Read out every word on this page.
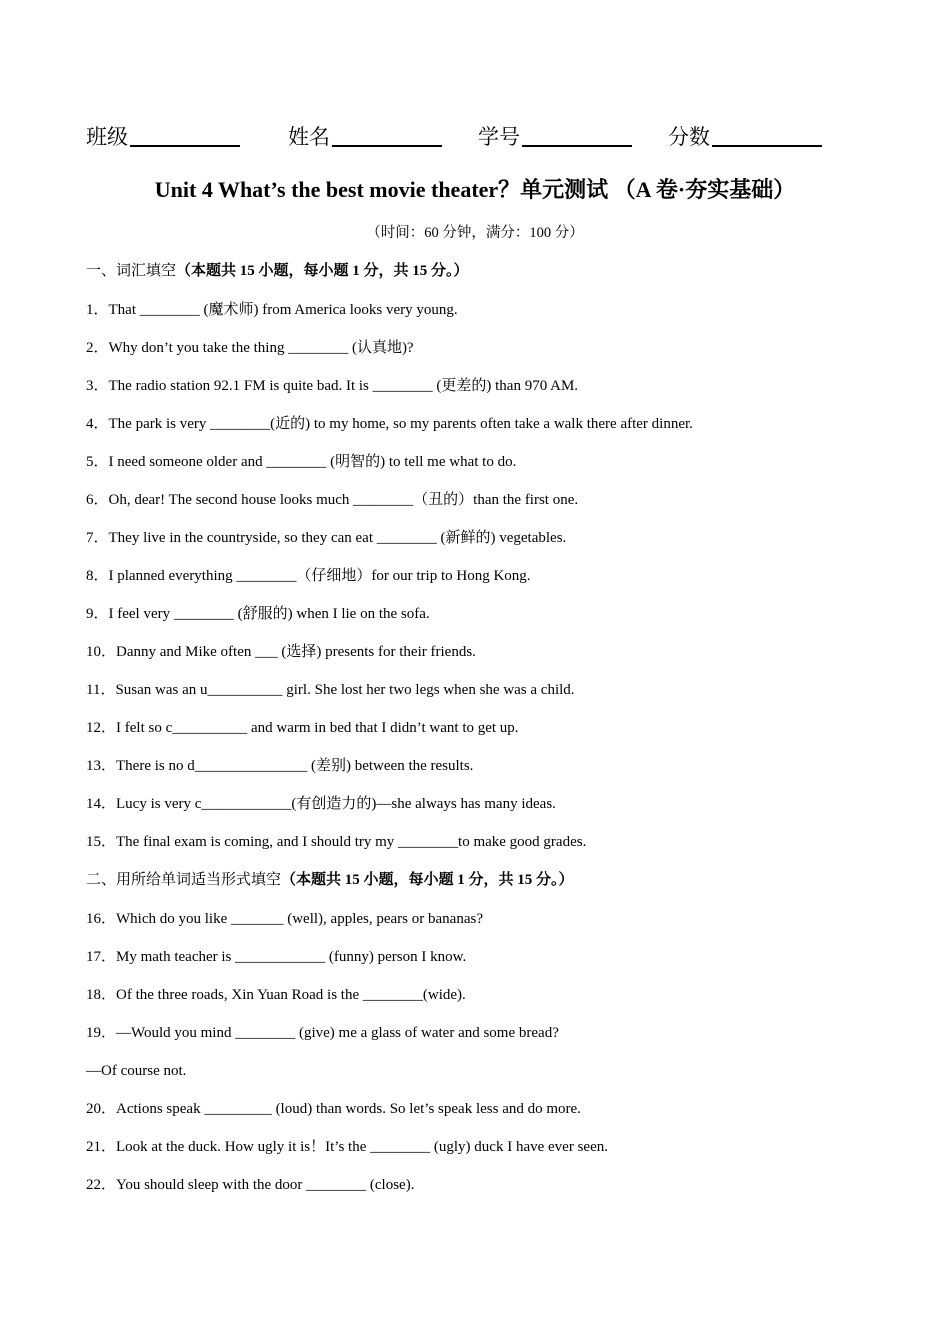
班级	姓名	学号	分数
Unit 4 What’s the best movie theater？单元测试 （A 卷·夯实基础）
（时间：60 分钟，满分：100 分）
一、词汇填空（本题共 15 小题，每小题 1 分，共 15 分。）
1．That ________ (魔术师) from America looks very young.
2．Why don’t you take the thing ________ (认真地)?
3．The radio station 92.1 FM is quite bad. It is ________ (更差的) than 970 AM.
4．The park is very ________(近的) to my home, so my parents often take a walk there after dinner.
5．I need someone older and ________ (明智的) to tell me what to do.
6．Oh, dear! The second house looks much ________（丑的）than the first one.
7．They live in the countryside, so they can eat ________ (新鲜的) vegetables.
8．I planned everything ________（仔细地）for our trip to Hong Kong.
9．I feel very ________ (舒服的) when I lie on the sofa.
10．Danny and Mike often ___ (选择) presents for their friends.
11．Susan was an u__________ girl. She lost her two legs when she was a child.
12．I felt so c__________ and warm in bed that I didn’t want to get up.
13．There is no d_______________ (差别) between the results.
14．Lucy is very c____________(有创造力的)—she always has many ideas.
15．The final exam is coming, and I should try my ________to make good grades.
二、用所给单词适当形式填空（本题共 15 小题，每小题 1 分，共 15 分。）
16．Which do you like _______ (well), apples, pears or bananas?
17．My math teacher is ____________ (funny) person I know.
18．Of the three roads, Xin Yuan Road is the ________(wide).
19．—Would you mind ________ (give) me a glass of water and some bread?
—Of course not.
20．Actions speak _________ (loud) than words. So let’s speak less and do more.
21．Look at the duck. How ugly it is！It’s the ________ (ugly) duck I have ever seen.
22．You should sleep with the door ________ (close).
